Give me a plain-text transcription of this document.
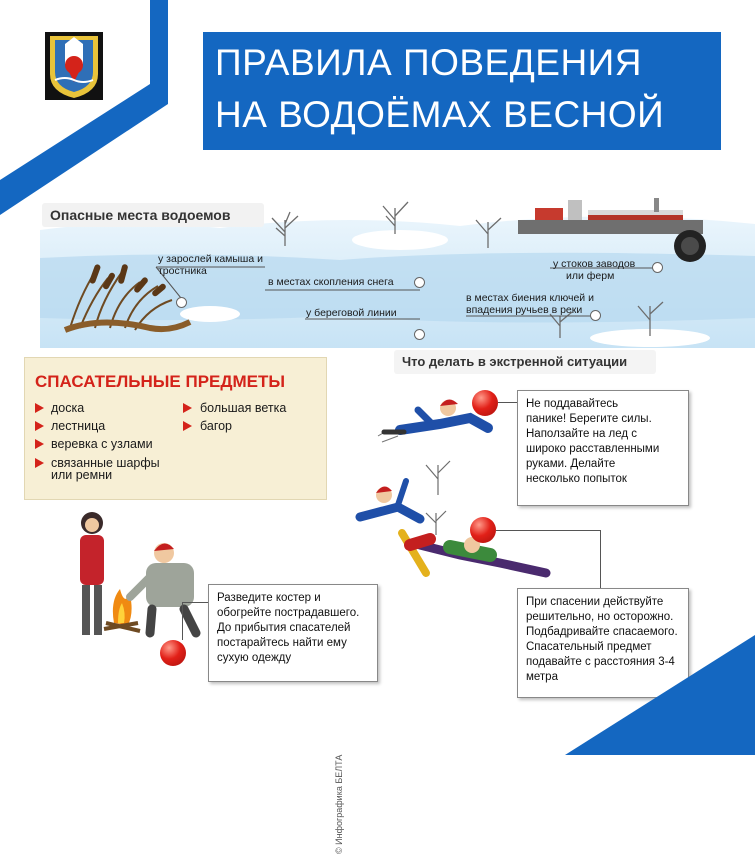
ПРАВИЛА ПОВЕДЕНИЯ
НА ВОДОЁМАХ ВЕСНОЙ
Опасные места водоемов
у зарослей камыша и
тростника
в местах скопления снега
у береговой линии
у стоков заводов
или ферм
в местах биения ключей и
впадения ручьев в реки
Что делать в экстренной ситуации
СПАСАТЕЛЬНЫЕ ПРЕДМЕТЫ
доска
лестница
веревка с узлами
связанные шарфы
или ремни
большая ветка
багор
© Инфографика БЕЛТА
Не поддавайтесь
панике! Берегите силы.
Наползайте на лед с
широко расставленными
руками. Делайте
несколько попыток
При спасении действуйте
решительно, но осторожно.
Подбадривайте спасаемого.
Спасательный предмет
подавайте с расстояния 3-4
метра
Разведите костер и
обогрейте пострадавшего.
До прибытия спасателей
постарайтесь найти ему
сухую одежду
